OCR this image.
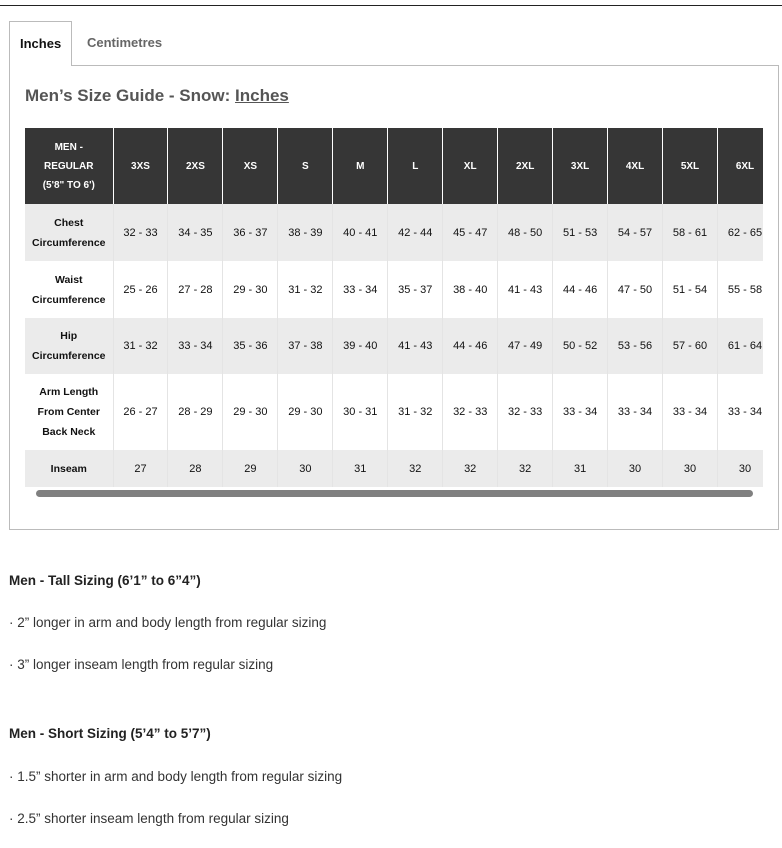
Inches	Centimetres
Men’s Size Guide - Snow: Inches
MEN -
REGULAR
(5'8" TO 6')	3XS	2XS	XS	S	M	L	XL	2XL	3XL	4XL	5XL	6XL

Chest
Circumference	32 - 33	34 - 35	36 - 37	38 - 39	40 - 41	42 - 44	45 - 47	48 - 50	51 - 53	54 - 57	58 - 61	62 - 65

Waist
Circumference	25 - 26	27 - 28	29 - 30	31 - 32	33 - 34	35 - 37	38 - 40	41 - 43	44 - 46	47 - 50	51 - 54	55 - 58

Hip
Circumference	31 - 32	33 - 34	35 - 36	37 - 38	39 - 40	41 - 43	44 - 46	47 - 49	50 - 52	53 - 56	57 - 60	61 - 64

Arm Length
From Center
Back Neck	26 - 27	28 - 29	29 - 30	29 - 30	30 - 31	31 - 32	32 - 33	32 - 33	33 - 34	33 - 34	33 - 34	33 - 34

Inseam	27	28	29	30	31	32	32	32	31	30	30	30
Men - Tall Sizing (6’1” to 6”4”)
· 2” longer in arm and body length from regular sizing
· 3” longer inseam length from regular sizing
Men - Short Sizing (5’4” to 5’7”)
· 1.5” shorter in arm and body length from regular sizing
· 2.5” shorter inseam length from regular sizing
